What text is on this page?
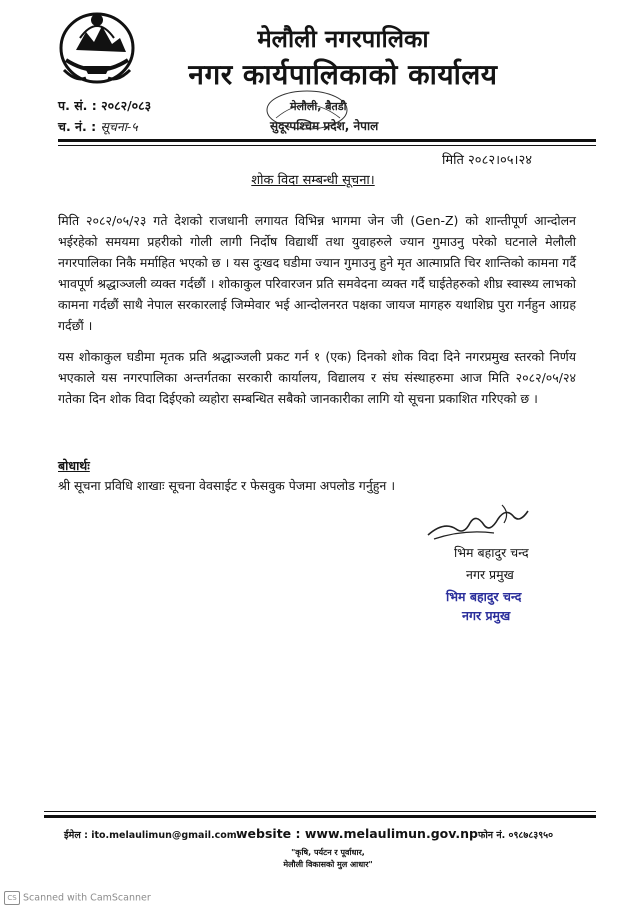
मेलौली नगरपालिका
नगर कार्यपालिकाको कार्यालय
प. सं. : २०८२/०८३
च. नं. : सूचना-५
मेलौली, बैतडी
सुदूरपश्चिम प्रदेश, नेपाल
मिति २०८२।०५।२४
शोक विदा सम्बन्धी सूचना।
मिति २०८२/०५/२३ गते देशको राजधानी लगायत विभिन्न भागमा जेन जी (Gen-Z) को शान्तीपूर्ण आन्दोलन भईरहेको समयमा प्रहरीको गोली लागी निर्दोष विद्यार्थी तथा युवाहरुले ज्यान गुमाउनु परेको घटनाले मेलौली नगरपालिका निकै मर्माहित भएको छ । यस दुःखद घडीमा ज्यान गुमाउनु हुने मृत आत्माप्रति चिर शान्तिको कामना गर्दै भावपूर्ण श्रद्धाञ्जली व्यक्त गर्दछौं । शोकाकुल परिवारजन प्रति समवेदना व्यक्त गर्दै घाईतेहरुको शीघ्र स्वास्थ्य लाभको कामना गर्दछौं साथै नेपाल सरकारलाई जिम्मेवार भई आन्दोलनरत पक्षका जायज मागहरु यथाशिघ्र पुरा गर्नहुन आग्रह गर्दछौं ।
यस शोकाकुल घडीमा मृतक प्रति श्रद्धाञ्जली प्रकट गर्न १ (एक) दिनको शोक विदा दिने नगरप्रमुख स्तरको निर्णय भएकाले यस नगरपालिका अन्तर्गतका सरकारी कार्यालय, विद्यालय र संघ संस्थाहरुमा आज मिति २०८२/०५/२४ गतेका दिन शोक विदा दिईएको व्यहोरा सम्बन्धित सबैको जानकारीका लागि यो सूचना प्रकाशित गरिएको छ ।
बोधार्थः
श्री सूचना प्रविधि शाखाः सूचना वेवसाईट र फेसवुक पेजमा अपलोड गर्नुहुन ।
भिम बहादुर चन्द
नगर प्रमुख
भिम बहादुर चन्द
नगर प्रमुख
ईमेल : ito.melaulimun@gmail.com website : www.melaulimun.gov.np फोन नं. ०९८७८३९५०
"कृषि, पर्यटन र पूर्वाधार,
मेलौली विकासको मुल आधार"
CS Scanned with CamScanner
